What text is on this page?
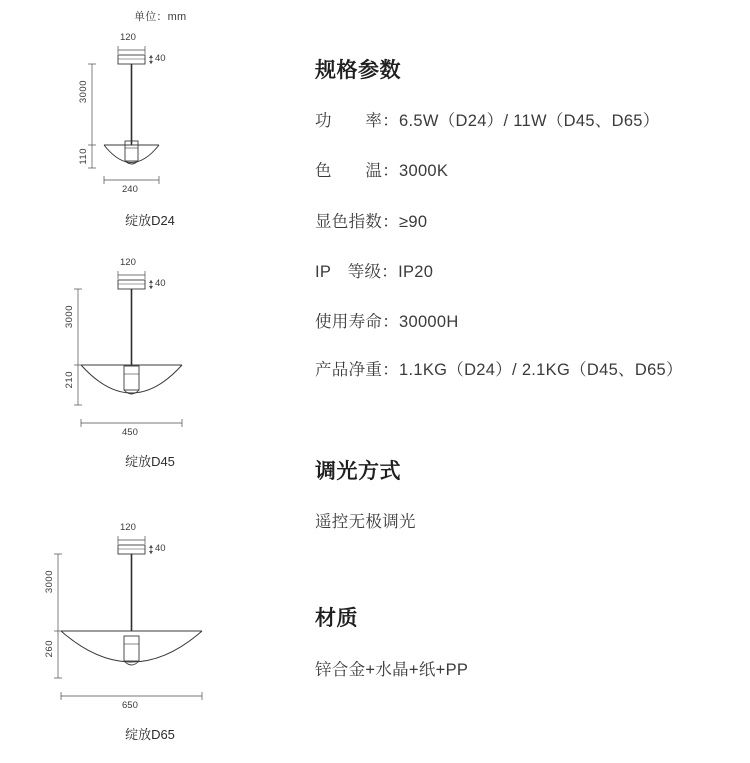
单位：mm
120
40
3000
110
240
绽放D24
120
40
3000
210
450
绽放D45
120
40
3000
260
650
绽放D65
规格参数
功　　率：6.5W（D24）/ 11W（D45、D65）
色　　温：3000K
显色指数：≥90
IP　等级：IP20
使用寿命：30000H
产品净重：1.1KG（D24）/ 2.1KG（D45、D65）
调光方式
遥控无极调光
材质
锌合金+水晶+纸+PP
